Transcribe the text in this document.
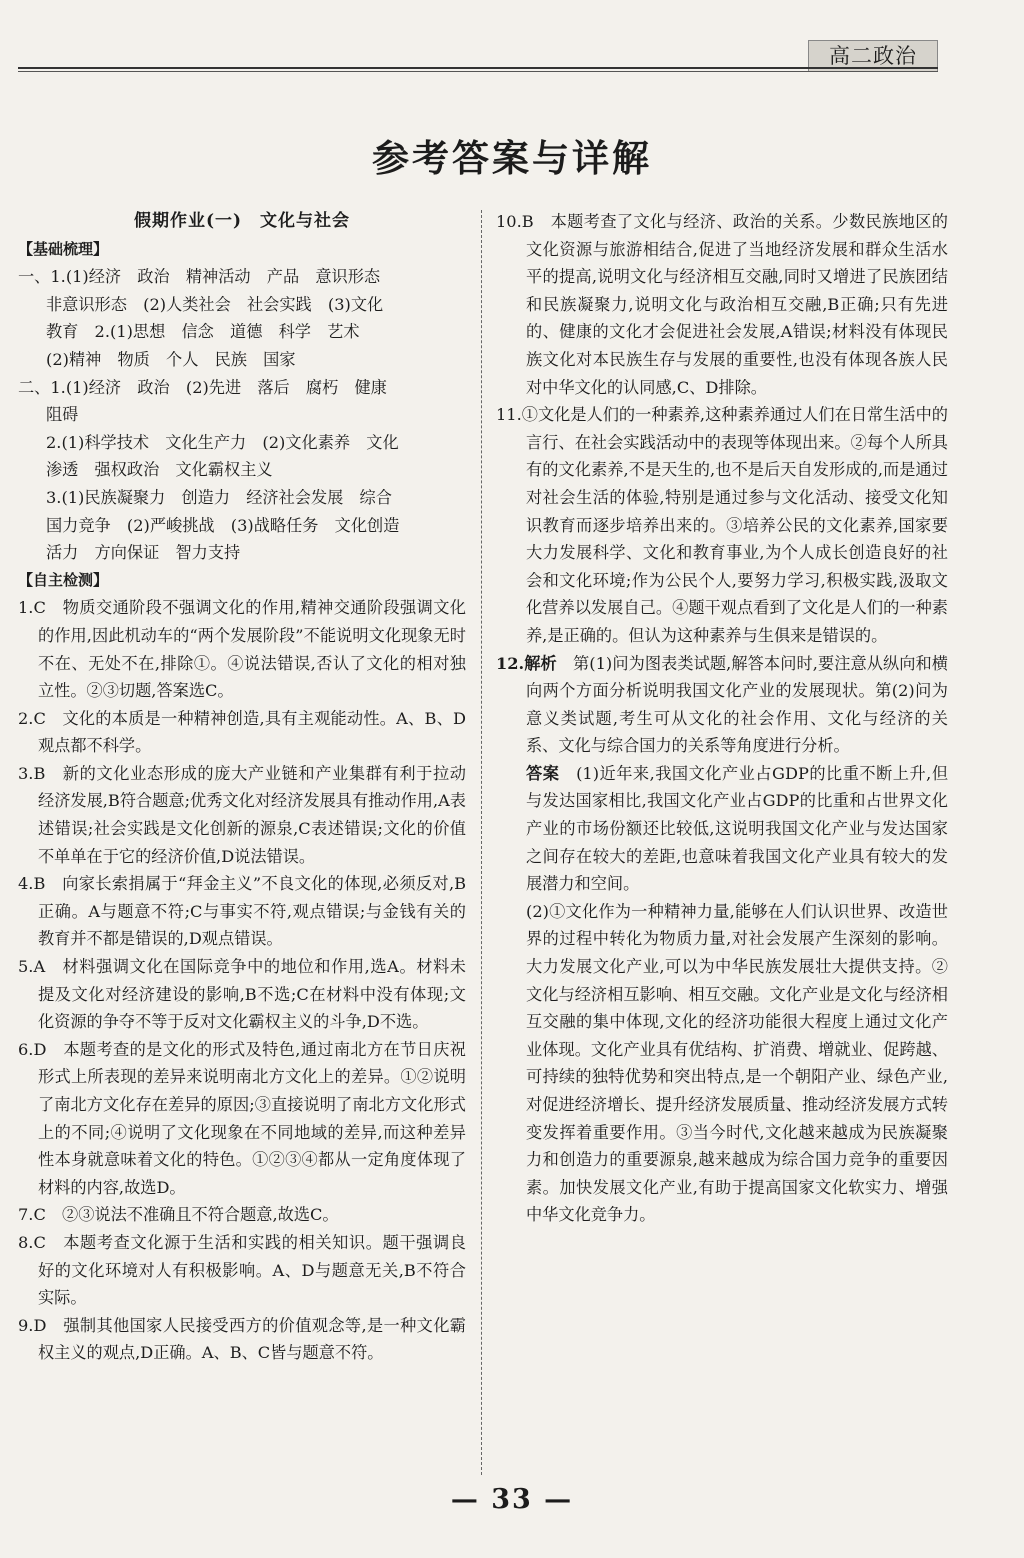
高二政治
参考答案与详解
假期作业(一)　文化与社会
【基础梳理】

一、1.(1)经济　政治　精神活动　产品　意识形态

非意识形态　(2)人类社会　社会实践　(3)文化

教育　2.(1)思想　信念　道德　科学　艺术

(2)精神　物质　个人　民族　国家

二、1.(1)经济　政治　(2)先进　落后　腐朽　健康

阻碍

2.(1)科学技术　文化生产力　(2)文化素养　文化

渗透　强权政治　文化霸权主义

3.(1)民族凝聚力　创造力　经济社会发展　综合

国力竞争　(2)严峻挑战　(3)战略任务　文化创造

活力　方向保证　智力支持

【自主检测】

1.C　物质交通阶段不强调文化的作用,精神交通阶段强调文化的作用,因此机动车的“两个发展阶段”不能说明文化现象无时不在、无处不在,排除①。④说法错误,否认了文化的相对独立性。②③切题,答案选C。

2.C　文化的本质是一种精神创造,具有主观能动性。A、B、D观点都不科学。

3.B　新的文化业态形成的庞大产业链和产业集群有利于拉动经济发展,B符合题意;优秀文化对经济发展具有推动作用,A表述错误;社会实践是文化创新的源泉,C表述错误;文化的价值不单单在于它的经济价值,D说法错误。

4.B　向家长索捐属于“拜金主义”不良文化的体现,必须反对,B正确。A与题意不符;C与事实不符,观点错误;与金钱有关的教育并不都是错误的,D观点错误。

5.A　材料强调文化在国际竞争中的地位和作用,选A。材料未提及文化对经济建设的影响,B不选;C在材料中没有体现;文化资源的争夺不等于反对文化霸权主义的斗争,D不选。

6.D　本题考查的是文化的形式及特色,通过南北方在节日庆祝形式上所表现的差异来说明南北方文化上的差异。①②说明了南北方文化存在差异的原因;③直接说明了南北方文化形式上的不同;④说明了文化现象在不同地域的差异,而这种差异性本身就意味着文化的特色。①②③④都从一定角度体现了材料的内容,故选D。

7.C　②③说法不准确且不符合题意,故选C。

8.C　本题考查文化源于生活和实践的相关知识。题干强调良好的文化环境对人有积极影响。A、D与题意无关,B不符合实际。

9.D　强制其他国家人民接受西方的价值观念等,是一种文化霸权主义的观点,D正确。A、B、C皆与题意不符。

10.B　本题考查了文化与经济、政治的关系。少数民族地区的文化资源与旅游相结合,促进了当地经济发展和群众生活水平的提高,说明文化与经济相互交融,同时又增进了民族团结和民族凝聚力,说明文化与政治相互交融,B正确;只有先进的、健康的文化才会促进社会发展,A错误;材料没有体现民族文化对本民族生存与发展的重要性,也没有体现各族人民对中华文化的认同感,C、D排除。

11.①文化是人们的一种素养,这种素养通过人们在日常生活中的言行、在社会实践活动中的表现等体现出来。②每个人所具有的文化素养,不是天生的,也不是后天自发形成的,而是通过对社会生活的体验,特别是通过参与文化活动、接受文化知识教育而逐步培养出来的。③培养公民的文化素养,国家要大力发展科学、文化和教育事业,为个人成长创造良好的社会和文化环境;作为公民个人,要努力学习,积极实践,汲取文化营养以发展自己。④题干观点看到了文化是人们的一种素养,是正确的。但认为这种素养与生俱来是错误的。

12.解析　第(1)问为图表类试题,解答本问时,要注意从纵向和横向两个方面分析说明我国文化产业的发展现状。第(2)问为意义类试题,考生可从文化的社会作用、文化与经济的关系、文化与综合国力的关系等角度进行分析。

答案　(1)近年来,我国文化产业占GDP的比重不断上升,但与发达国家相比,我国文化产业占GDP的比重和占世界文化产业的市场份额还比较低,这说明我国文化产业与发达国家之间存在较大的差距,也意味着我国文化产业具有较大的发展潜力和空间。

(2)①文化作为一种精神力量,能够在人们认识世界、改造世界的过程中转化为物质力量,对社会发展产生深刻的影响。大力发展文化产业,可以为中华民族发展壮大提供支持。②文化与经济相互影响、相互交融。文化产业是文化与经济相互交融的集中体现,文化的经济功能很大程度上通过文化产业体现。文化产业具有优结构、扩消费、增就业、促跨越、可持续的独特优势和突出特点,是一个朝阳产业、绿色产业,对促进经济增长、提升经济发展质量、推动经济发展方式转变发挥着重要作用。③当今时代,文化越来越成为民族凝聚力和创造力的重要源泉,越来越成为综合国力竞争的重要因素。加快发展文化产业,有助于提高国家文化软实力、增强中华文化竞争力。

— 33 —
